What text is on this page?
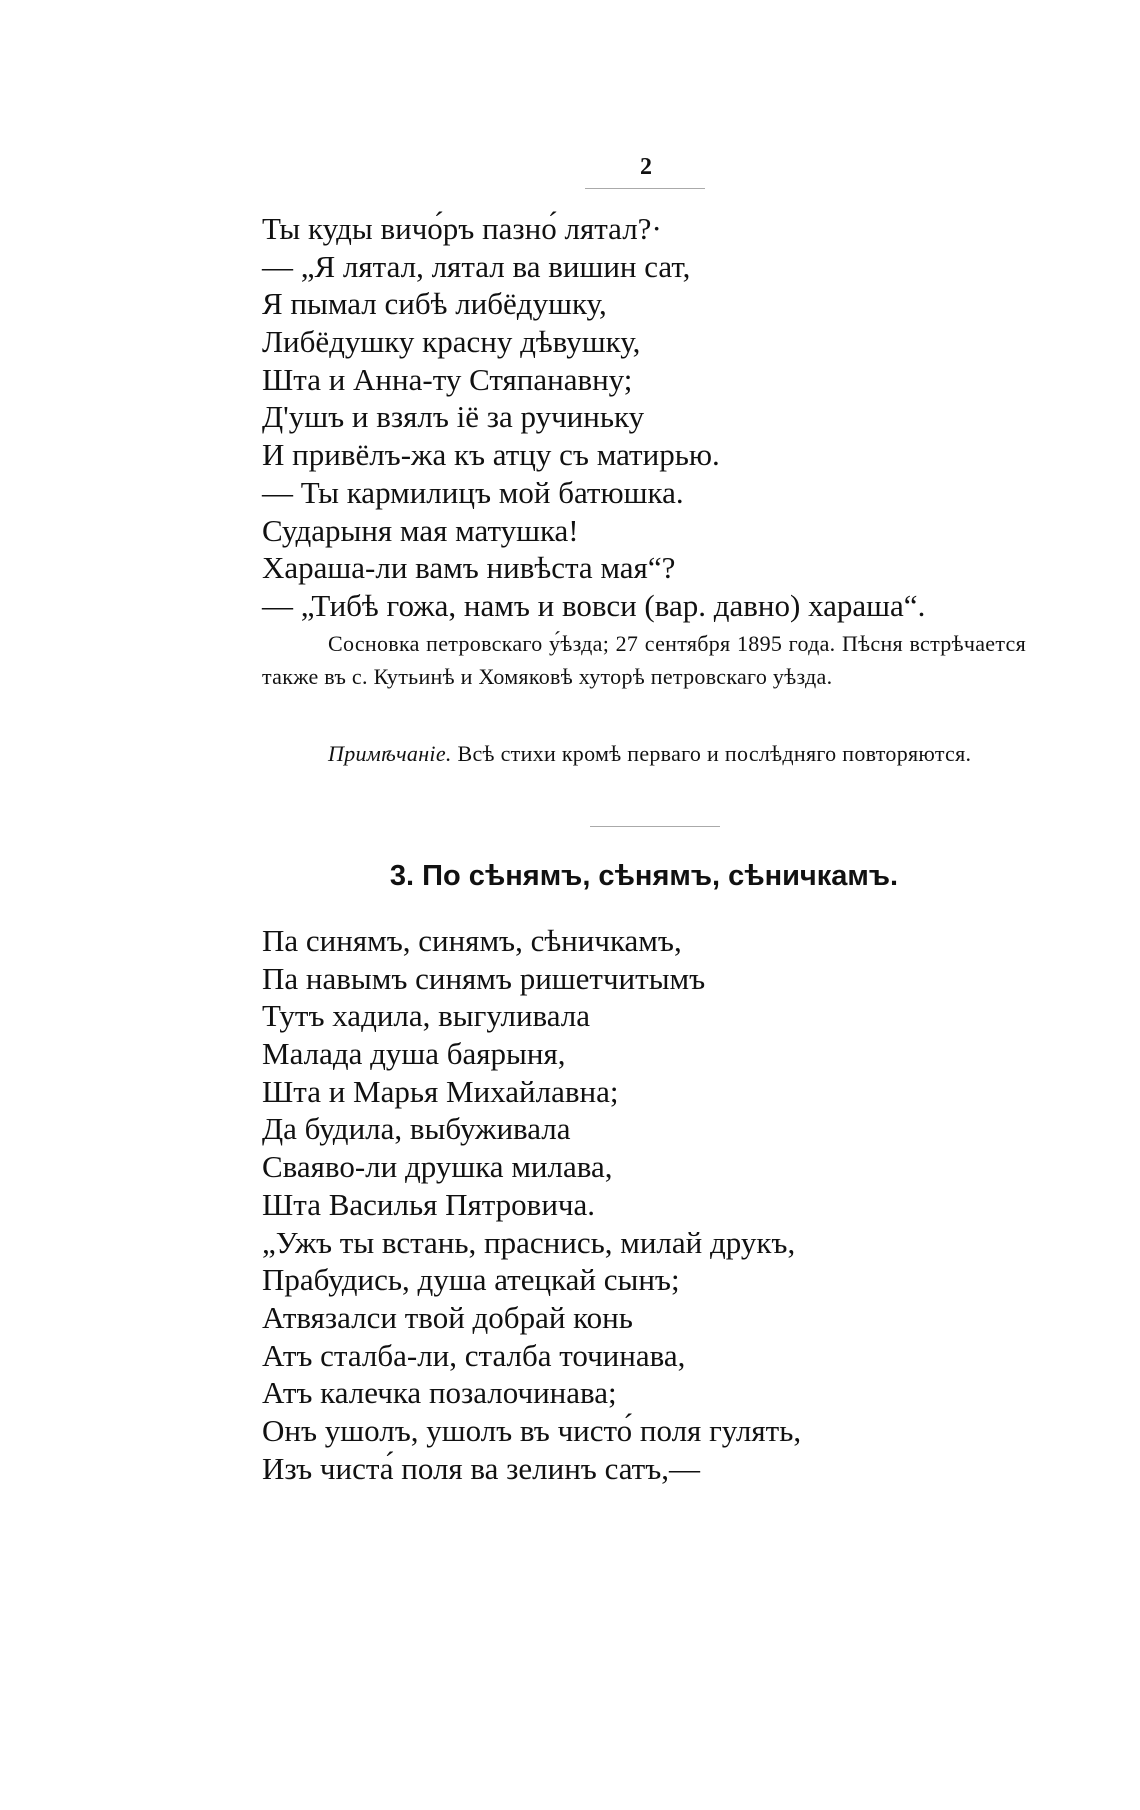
2
Ты куды вичо́ръ пазно́ лятал?·
— „Я лятал, лятал ва вишин сат,
Я пымал сибѣ либёдушку,
Либёдушку красну дѣвушку,
Шта и Анна-ту Стяпанавну;
Д'ушъ и взялъ іё за ручиньку
И привёлъ-жа къ атцу съ матирью.
— Ты кармилицъ мой батюшка.
Сударыня мая матушка!
Хараша-ли вамъ нивѣста мая“?
— „Тибѣ гожа, намъ и вовси (вар. давно) хараша“.
Сосновка петровскаго у́ѣзда; 27 сентября 1895 года. Пѣсня встрѣчается также въ с. Кутьинѣ и Хомяковѣ хуторѣ петровскаго уѣзда.
Примѣчаніе. Всѣ стихи кромѣ перваго и послѣдняго повторяются.
3. По сѣнямъ, сѣнямъ, сѣничкамъ.
Па синямъ, синямъ, сѣничкамъ,
Па навымъ синямъ ришетчитымъ
Тутъ хадила, выгуливала
Малада душа баярыня,
Шта и Марья Михайлавна;
Да будила, выбуживала
Сваяво-ли друшка милава,
Шта Василья Пятровича.
„Ужъ ты встань, праснись, милай друкъ,
Прабудись, душа атецкай сынъ;
Атвязалси твой добрай конь
Атъ сталба-ли, сталба точинава,
Атъ калечка позалочинава;
Онъ ушолъ, ушолъ въ чисто́ поля гулять,
Изъ чиста́ поля ва зелинъ сатъ,—
